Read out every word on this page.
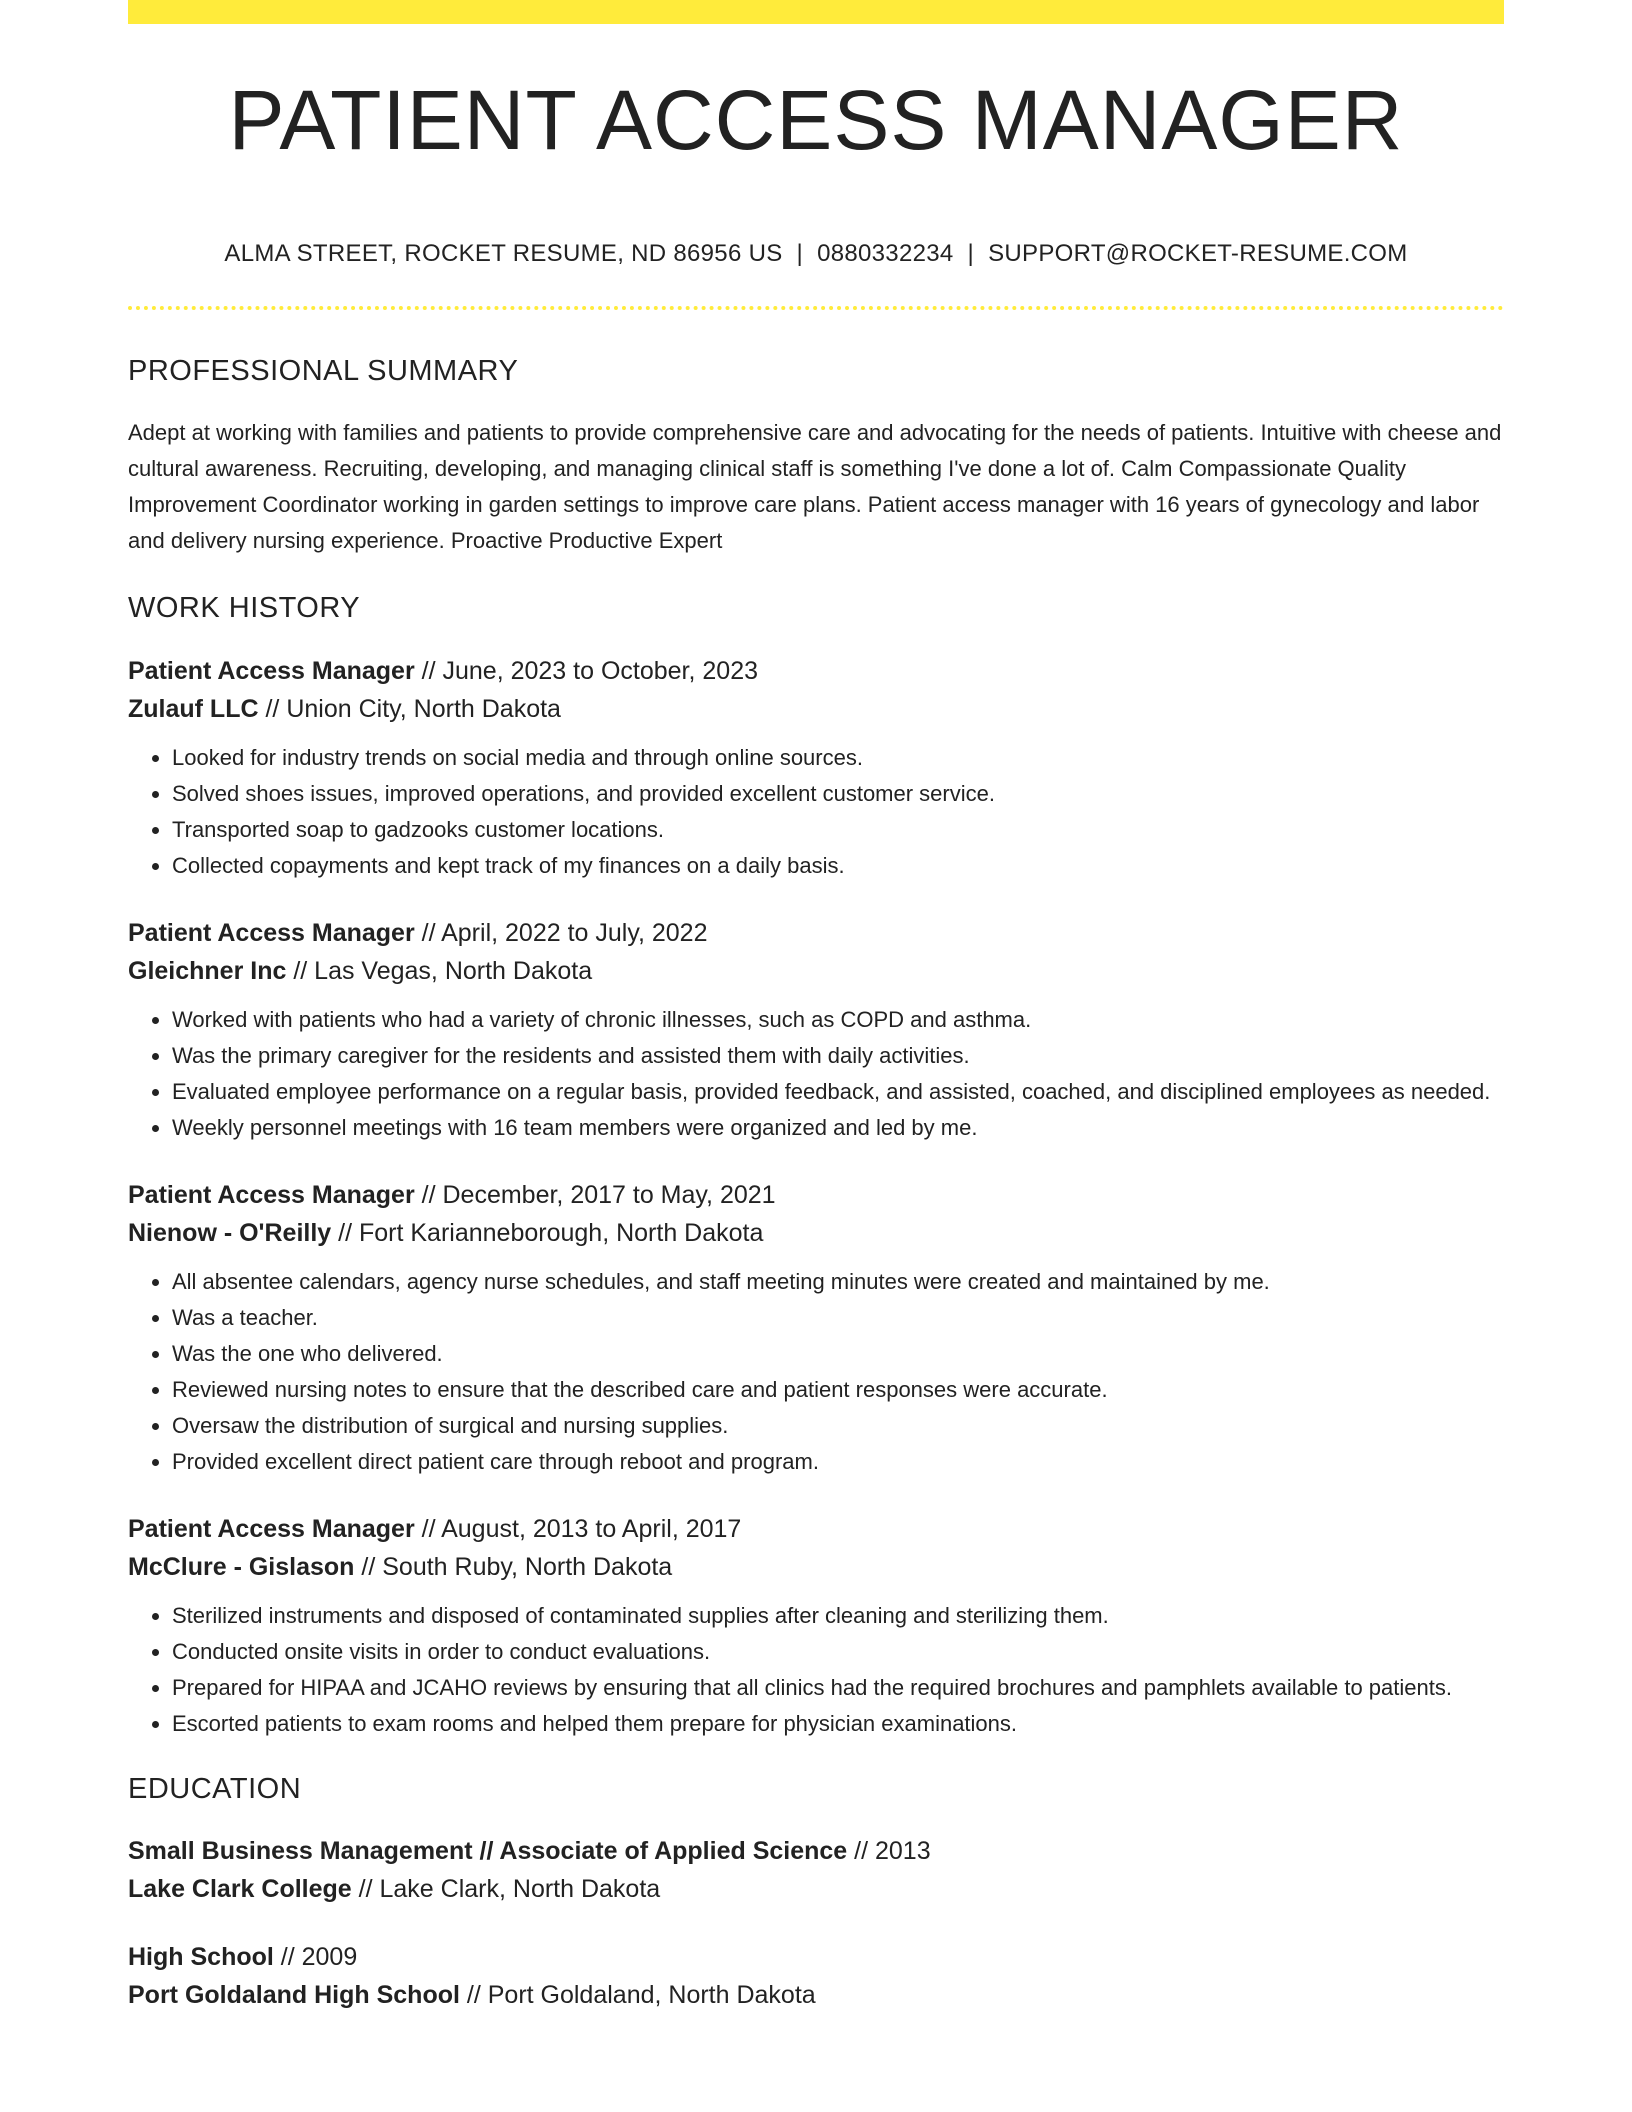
PATIENT ACCESS MANAGER
ALMA STREET, ROCKET RESUME, ND 86956 US | 0880332234 | SUPPORT@ROCKET-RESUME.COM
PROFESSIONAL SUMMARY

Adept at working with families and patients to provide comprehensive care and advocating for the needs of patients. Intuitive with cheese and cultural awareness. Recruiting, developing, and managing clinical staff is something I've done a lot of. Calm Compassionate Quality Improvement Coordinator working in garden settings to improve care plans. Patient access manager with 16 years of gynecology and labor and delivery nursing experience. Proactive Productive Expert

WORK HISTORY
Patient Access Manager // June, 2023 to October, 2023
Zulauf LLC // Union City, North Dakota
• Looked for industry trends on social media and through online sources.
• Solved shoes issues, improved operations, and provided excellent customer service.
• Transported soap to gadzooks customer locations.
• Collected copayments and kept track of my finances on a daily basis.
Patient Access Manager // April, 2022 to July, 2022
Gleichner Inc // Las Vegas, North Dakota
• Worked with patients who had a variety of chronic illnesses, such as COPD and asthma.
• Was the primary caregiver for the residents and assisted them with daily activities.
• Evaluated employee performance on a regular basis, provided feedback, and assisted, coached, and disciplined employees as needed.
• Weekly personnel meetings with 16 team members were organized and led by me.
Patient Access Manager // December, 2017 to May, 2021
Nienow - O'Reilly // Fort Karianneborough, North Dakota
• All absentee calendars, agency nurse schedules, and staff meeting minutes were created and maintained by me.
• Was a teacher.
• Was the one who delivered.
• Reviewed nursing notes to ensure that the described care and patient responses were accurate.
• Oversaw the distribution of surgical and nursing supplies.
• Provided excellent direct patient care through reboot and program.
Patient Access Manager // August, 2013 to April, 2017
McClure - Gislason // South Ruby, North Dakota
• Sterilized instruments and disposed of contaminated supplies after cleaning and sterilizing them.
• Conducted onsite visits in order to conduct evaluations.
• Prepared for HIPAA and JCAHO reviews by ensuring that all clinics had the required brochures and pamphlets available to patients.
• Escorted patients to exam rooms and helped them prepare for physician examinations.
EDUCATION
Small Business Management // Associate of Applied Science // 2013
Lake Clark College // Lake Clark, North Dakota
High School // 2009
Port Goldaland High School // Port Goldaland, North Dakota
